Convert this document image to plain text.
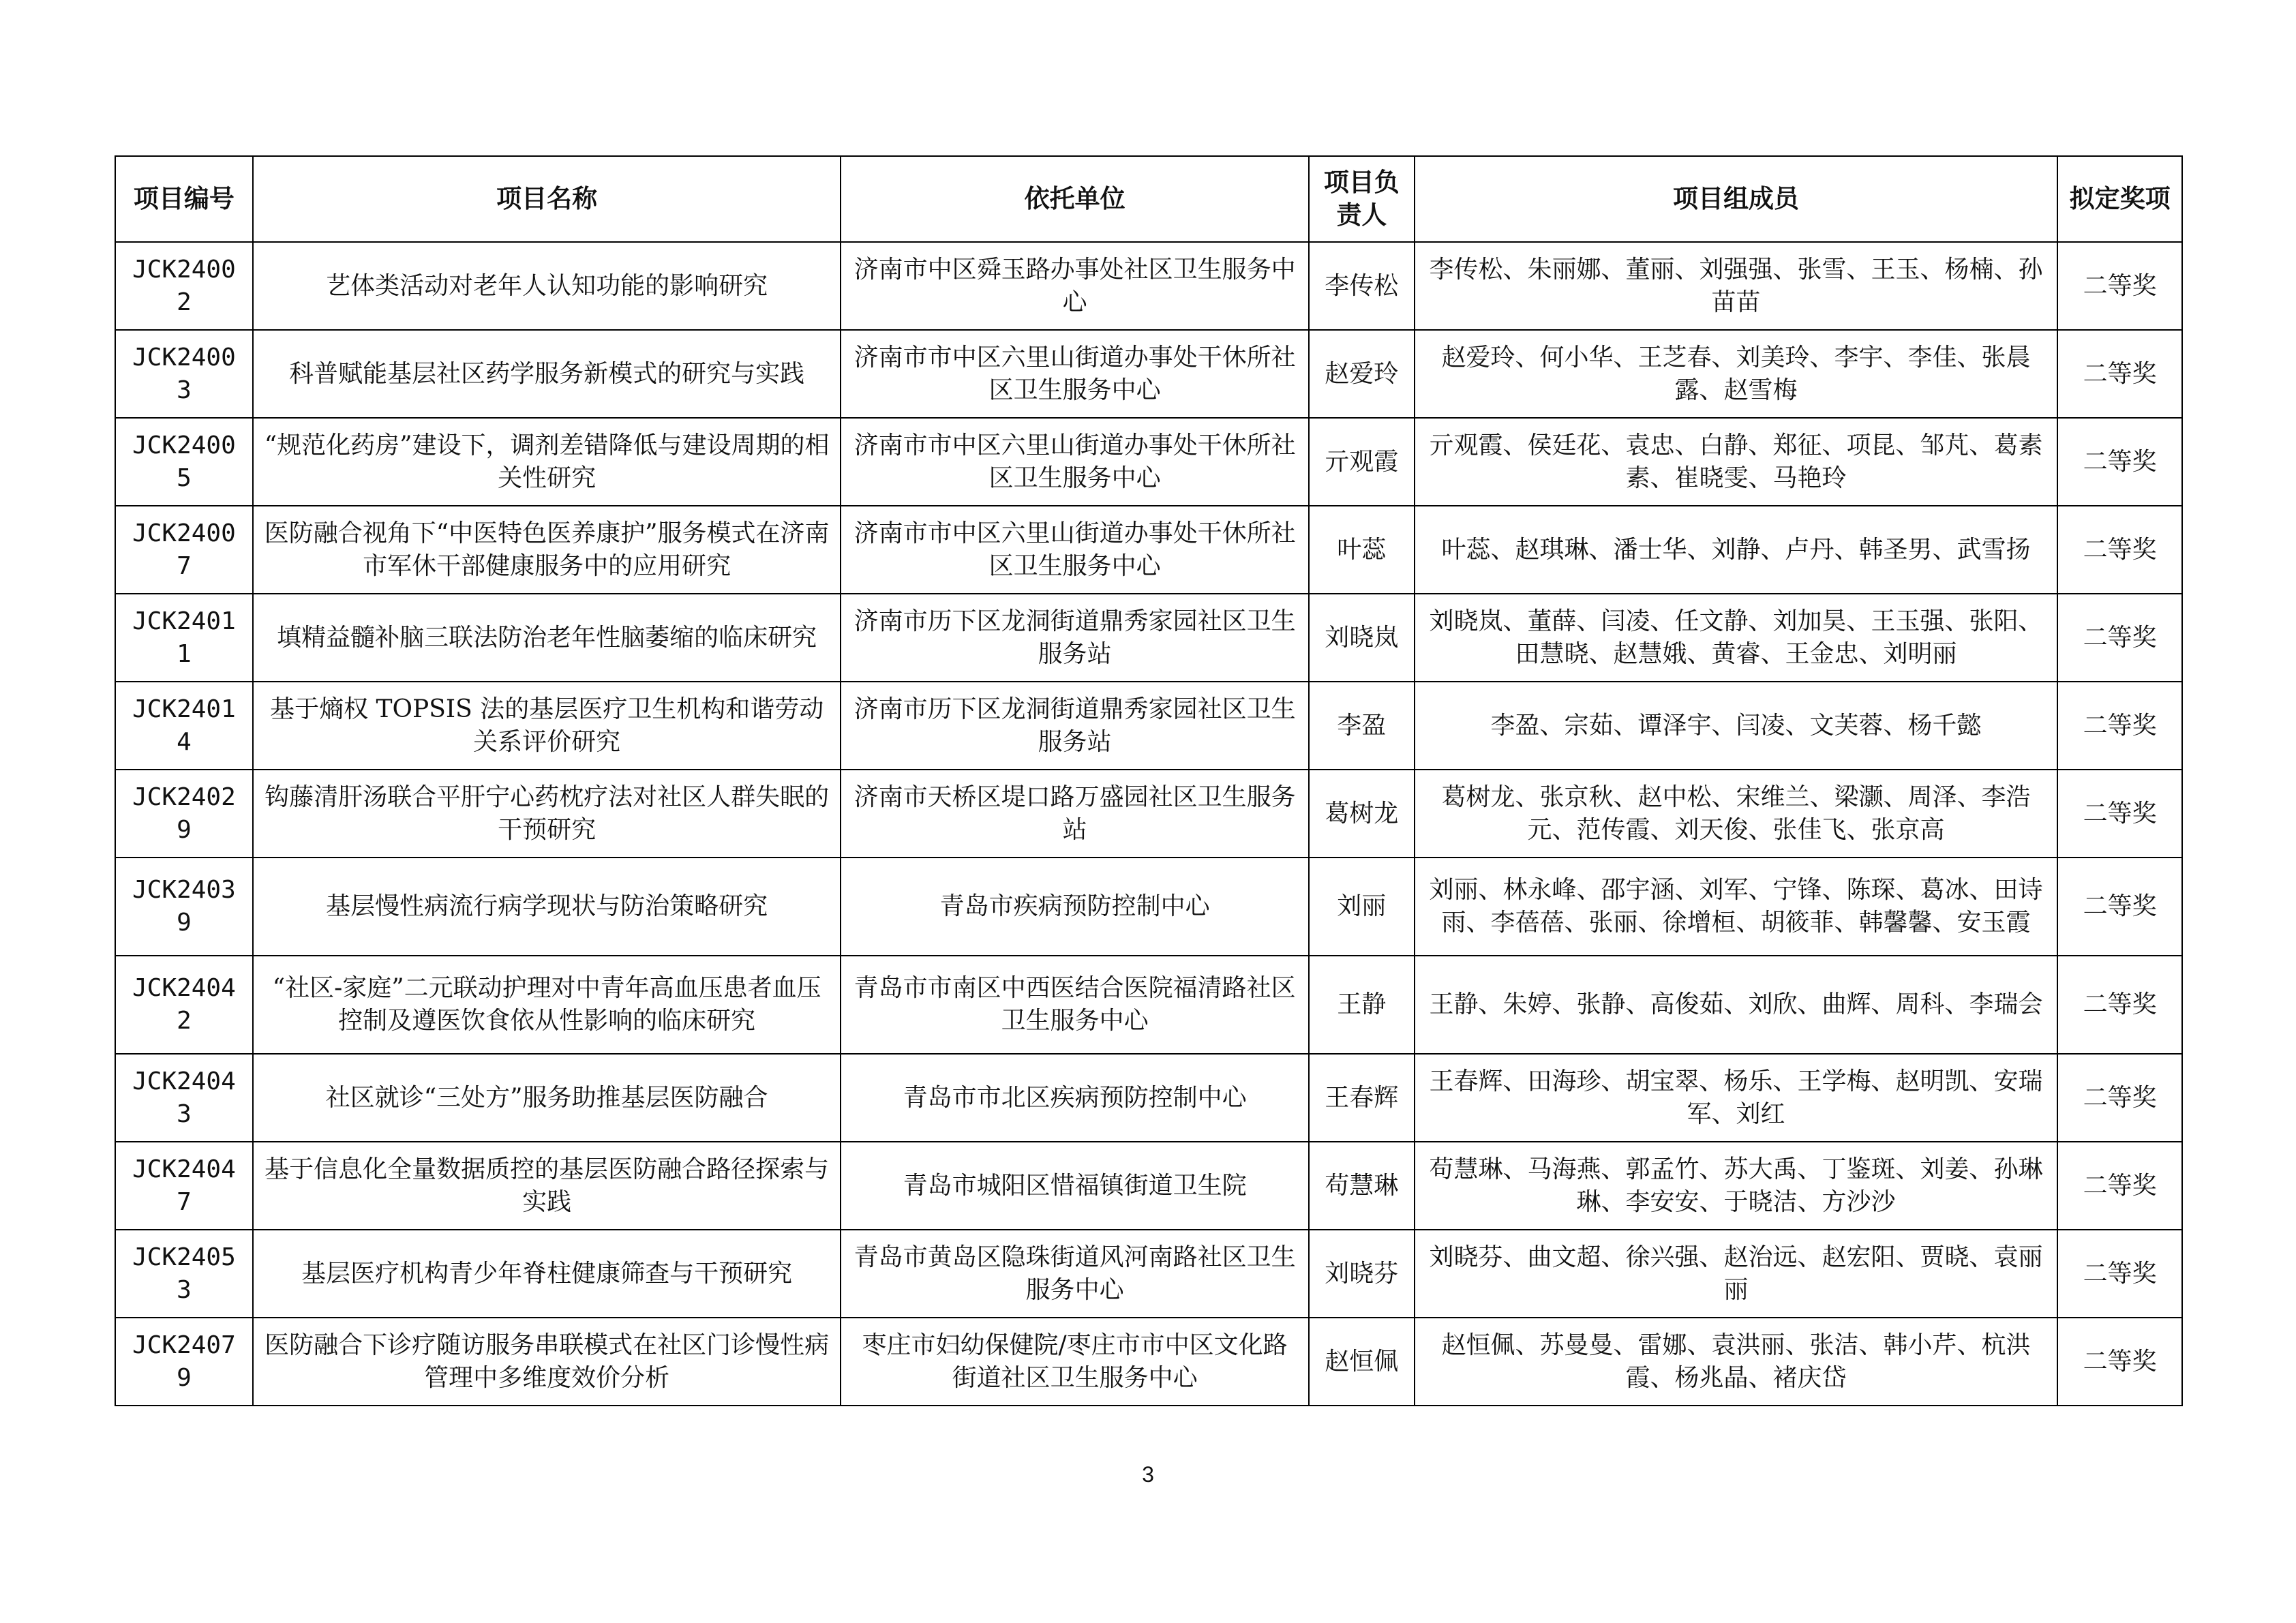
项目编号	项目名称	依托单位	项目负责人	项目组成员	拟定奖项
JCK24002	艺体类活动对老年人认知功能的影响研究	济南市中区舜玉路办事处社区卫生服务中心	李传松	李传松、朱丽娜、董丽、刘强强、张雪、王玉、杨楠、孙苗苗	二等奖
JCK24003	科普赋能基层社区药学服务新模式的研究与实践	济南市市中区六里山街道办事处干休所社区卫生服务中心	赵爱玲	赵爱玲、何小华、王芝春、刘美玲、李宇、李佳、张晨露、赵雪梅	二等奖
JCK24005	“规范化药房”建设下，调剂差错降低与建设周期的相关性研究	济南市市中区六里山街道办事处干休所社区卫生服务中心	亓观霞	亓观霞、侯廷花、袁忠、白静、郑征、项昆、邹芃、葛素素、崔晓雯、马艳玲	二等奖
JCK24007	医防融合视角下“中医特色医养康护”服务模式在济南市军休干部健康服务中的应用研究	济南市市中区六里山街道办事处干休所社区卫生服务中心	叶蕊	叶蕊、赵琪琳、潘士华、刘静、卢丹、韩圣男、武雪扬	二等奖
JCK24011	填精益髓补脑三联法防治老年性脑萎缩的临床研究	济南市历下区龙洞街道鼎秀家园社区卫生服务站	刘晓岚	刘晓岚、董薛、闫凌、任文静、刘加昊、王玉强、张阳、田慧晓、赵慧娥、黄睿、王金忠、刘明丽	二等奖
JCK24014	基于熵权 TOPSIS 法的基层医疗卫生机构和谐劳动关系评价研究	济南市历下区龙洞街道鼎秀家园社区卫生服务站	李盈	李盈、宗茹、谭泽宇、闫凌、文芙蓉、杨千懿	二等奖
JCK24029	钩藤清肝汤联合平肝宁心药枕疗法对社区人群失眠的干预研究	济南市天桥区堤口路万盛园社区卫生服务站	葛树龙	葛树龙、张京秋、赵中松、宋维兰、梁灏、周泽、李浩元、范传霞、刘天俊、张佳飞、张京高	二等奖
JCK24039	基层慢性病流行病学现状与防治策略研究	青岛市疾病预防控制中心	刘丽	刘丽、林永峰、邵宇涵、刘军、宁锋、陈琛、葛冰、田诗雨、李蓓蓓、张丽、徐增桓、胡筱菲、韩馨馨、安玉霞	二等奖
JCK24042	“社区-家庭”二元联动护理对中青年高血压患者血压控制及遵医饮食依从性影响的临床研究	青岛市市南区中西医结合医院福清路社区卫生服务中心	王静	王静、朱婷、张静、高俊茹、刘欣、曲辉、周科、李瑞会	二等奖
JCK24043	社区就诊“三处方”服务助推基层医防融合	青岛市市北区疾病预防控制中心	王春辉	王春辉、田海珍、胡宝翠、杨乐、王学梅、赵明凯、安瑞军、刘红	二等奖
JCK24047	基于信息化全量数据质控的基层医防融合路径探索与实践	青岛市城阳区惜福镇街道卫生院	苟慧琳	苟慧琳、马海燕、郭孟竹、苏大禹、丁鉴斑、刘姜、孙琳琳、李安安、于晓洁、方沙沙	二等奖
JCK24053	基层医疗机构青少年脊柱健康筛查与干预研究	青岛市黄岛区隐珠街道风河南路社区卫生服务中心	刘晓芬	刘晓芬、曲文超、徐兴强、赵治远、赵宏阳、贾晓、袁丽丽	二等奖
JCK24079	医防融合下诊疗随访服务串联模式在社区门诊慢性病管理中多维度效价分析	枣庄市妇幼保健院/枣庄市市中区文化路街道社区卫生服务中心	赵恒佩	赵恒佩、苏曼曼、雷娜、袁洪丽、张洁、韩小芹、杭洪霞、杨兆晶、褚庆岱	二等奖
3
